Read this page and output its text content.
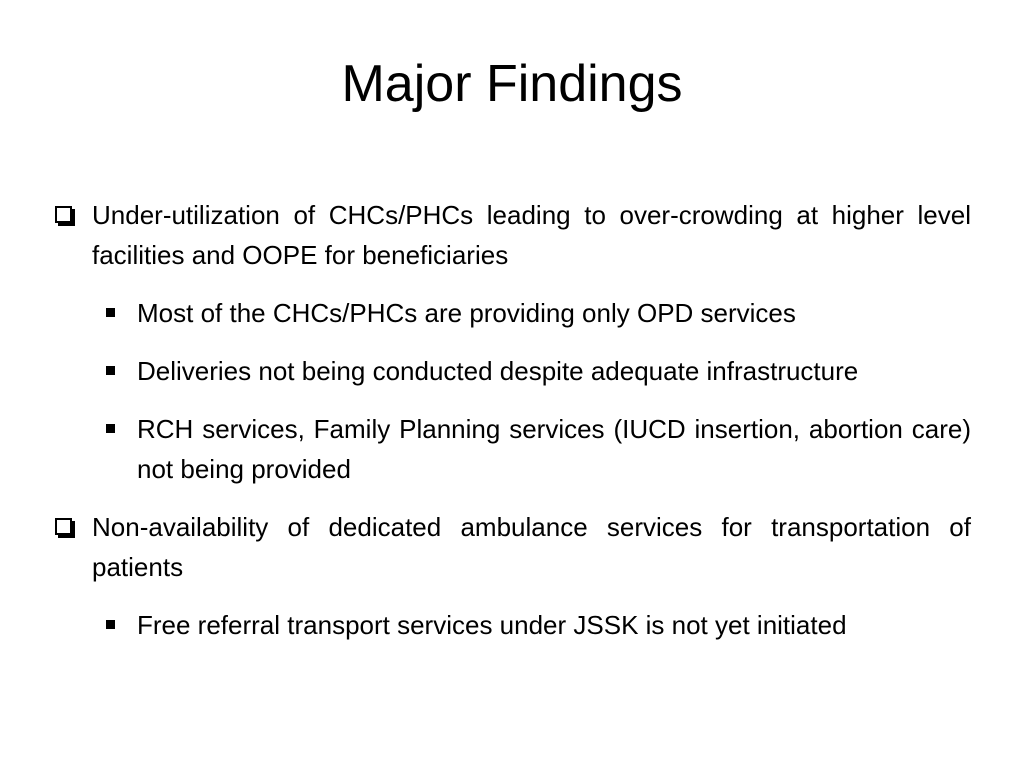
Major Findings
Under-utilization of CHCs/PHCs leading to over-crowding at higher level facilities and OOPE for beneficiaries
Most of the CHCs/PHCs are providing only OPD services
Deliveries not being conducted despite adequate infrastructure
RCH services, Family Planning services (IUCD insertion, abortion care) not being provided
Non-availability of dedicated ambulance services for transportation of patients
Free referral transport services under JSSK is not yet initiated
